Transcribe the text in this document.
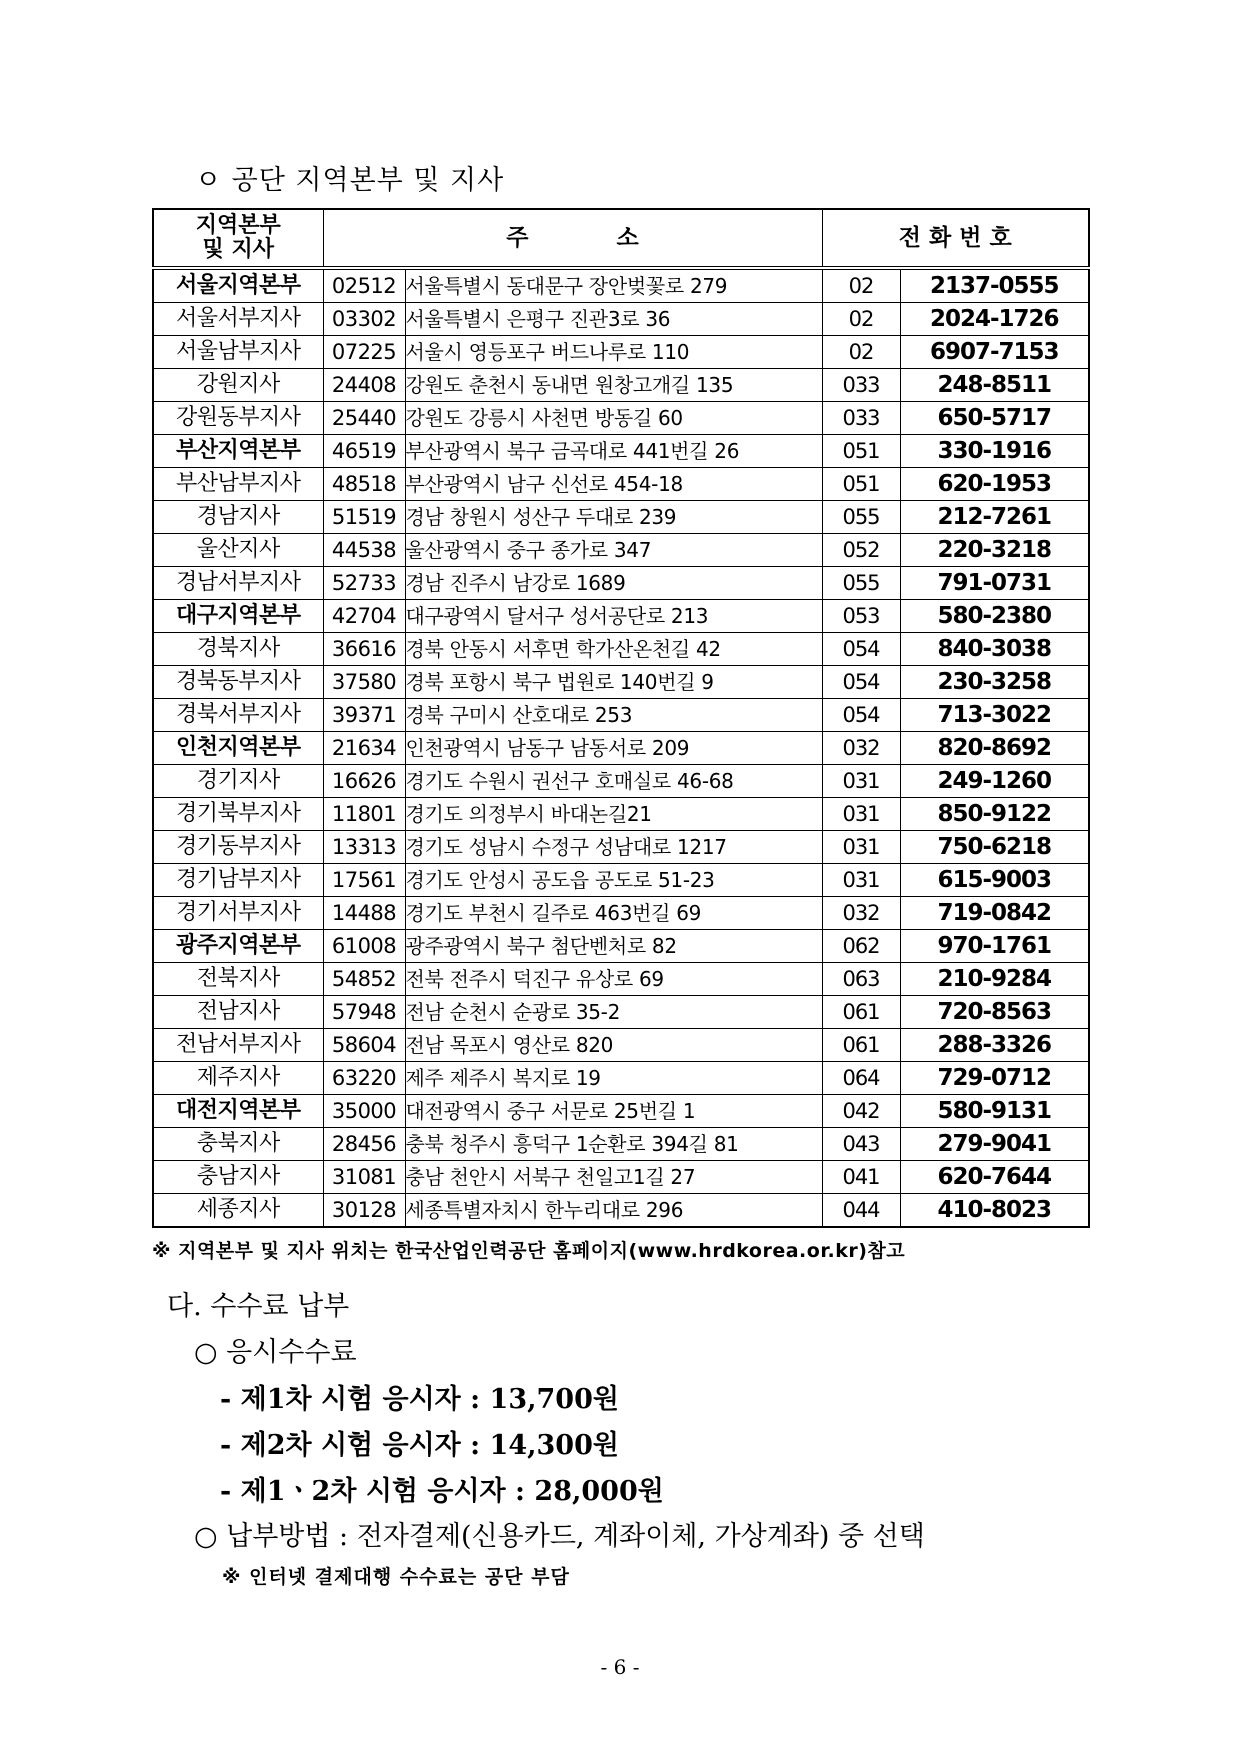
ㅇ 공단 지역본부 및 지사
지역본부
및 지사	주           소		전 화 번 호	
서울지역본부	02512	서울특별시 동대문구 장안벚꽃로 279	02	2137-0555
서울서부지사	03302	서울특별시 은평구 진관3로 36	02	2024-1726
서울남부지사	07225	서울시 영등포구 버드나루로 110	02	6907-7153
강원지사	24408	강원도 춘천시 동내면 원창고개길 135	033	248-8511
강원동부지사	25440	강원도 강릉시 사천면 방동길 60	033	650-5717
부산지역본부	46519	부산광역시 북구 금곡대로 441번길 26	051	330-1916
부산남부지사	48518	부산광역시 남구 신선로 454-18	051	620-1953
경남지사	51519	경남 창원시 성산구 두대로 239	055	212-7261
울산지사	44538	울산광역시 중구 종가로 347	052	220-3218
경남서부지사	52733	경남 진주시 남강로 1689	055	791-0731
대구지역본부	42704	대구광역시 달서구 성서공단로 213	053	580-2380
경북지사	36616	경북 안동시 서후면 학가산온천길 42	054	840-3038
경북동부지사	37580	경북 포항시 북구 법원로 140번길 9	054	230-3258
경북서부지사	39371	경북 구미시 산호대로 253	054	713-3022
인천지역본부	21634	인천광역시 남동구 남동서로 209	032	820-8692
경기지사	16626	경기도 수원시 권선구 호매실로 46-68	031	249-1260
경기북부지사	11801	경기도 의정부시 바대논길21	031	850-9122
경기동부지사	13313	경기도 성남시 수정구 성남대로 1217	031	750-6218
경기남부지사	17561	경기도 안성시 공도읍 공도로 51-23	031	615-9003
경기서부지사	14488	경기도 부천시 길주로 463번길 69	032	719-0842
광주지역본부	61008	광주광역시 북구 첨단벤처로 82	062	970-1761
전북지사	54852	전북 전주시 덕진구 유상로 69	063	210-9284
전남지사	57948	전남 순천시 순광로 35-2	061	720-8563
전남서부지사	58604	전남 목포시 영산로 820	061	288-3326
제주지사	63220	제주 제주시 복지로 19	064	729-0712
대전지역본부	35000	대전광역시 중구 서문로 25번길 1	042	580-9131
충북지사	28456	충북 청주시 흥덕구 1순환로 394길 81	043	279-9041
충남지사	31081	충남 천안시 서북구 천일고1길 27	041	620-7644
세종지사	30128	세종특별자치시 한누리대로 296	044	410-8023
※ 지역본부 및 지사 위치는 한국산업인력공단 홈페이지(www.hrdkorea.or.kr)참고
다. 수수료 납부
○ 응시수수료
- 제1차 시험 응시자 : 13,700원
- 제2차 시험 응시자 : 14,300원
- 제1ㆍ2차 시험 응시자 : 28,000원
○ 납부방법 : 전자결제(신용카드, 계좌이체, 가상계좌) 중 선택
※ 인터넷 결제대행 수수료는 공단 부담
- 6 -
